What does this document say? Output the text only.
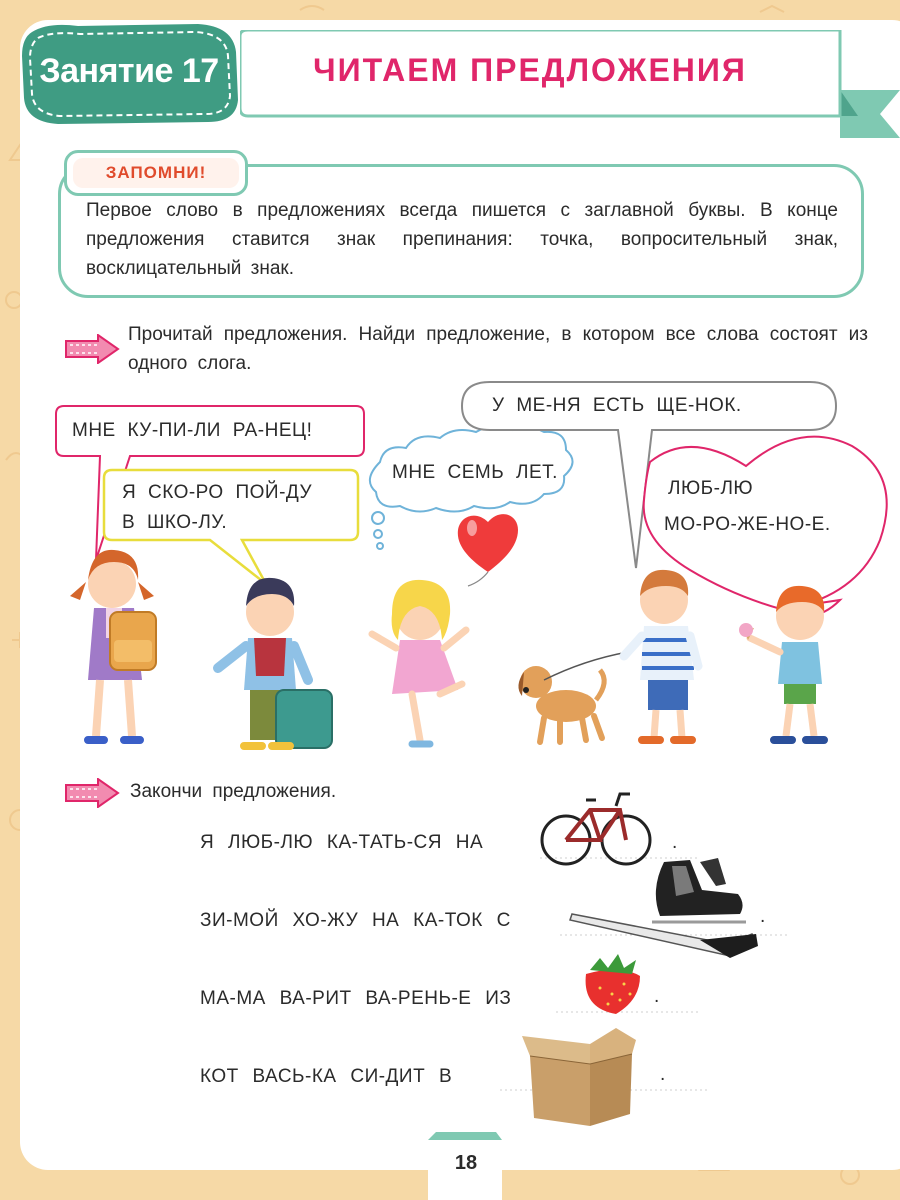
Занятие 17	ЧИТАЕМ ПРЕДЛОЖЕНИЯ
ЗАПОМНИ!
Первое слово в предложениях всегда пишется с заглавной буквы. В конце предложения ставится знак препинания: точка, вопросительный знак, восклицательный знак.
Прочитай предложения. Найди предложение, в котором все слова состоят из одного слога.
МНЕ КУ-ПИ-ЛИ РА-НЕЦ!
Я СКО-РО ПОЙ-ДУ
В ШКО-ЛУ.
МНЕ СЕМЬ ЛЕТ.
У МЕ-НЯ ЕСТЬ ЩЕ-НОК.
ЛЮБ-ЛЮ
МО-РО-ЖЕ-НО-Е.
Закончи предложения.
Я ЛЮБ-ЛЮ КА-ТАТЬ-СЯ НА
ЗИ-МОЙ ХО-ЖУ НА КА-ТОК С
МА-МА ВА-РИТ ВА-РЕНЬ-Е ИЗ
КОТ ВАСЬ-КА СИ-ДИТ В
.
.
.
.
18
